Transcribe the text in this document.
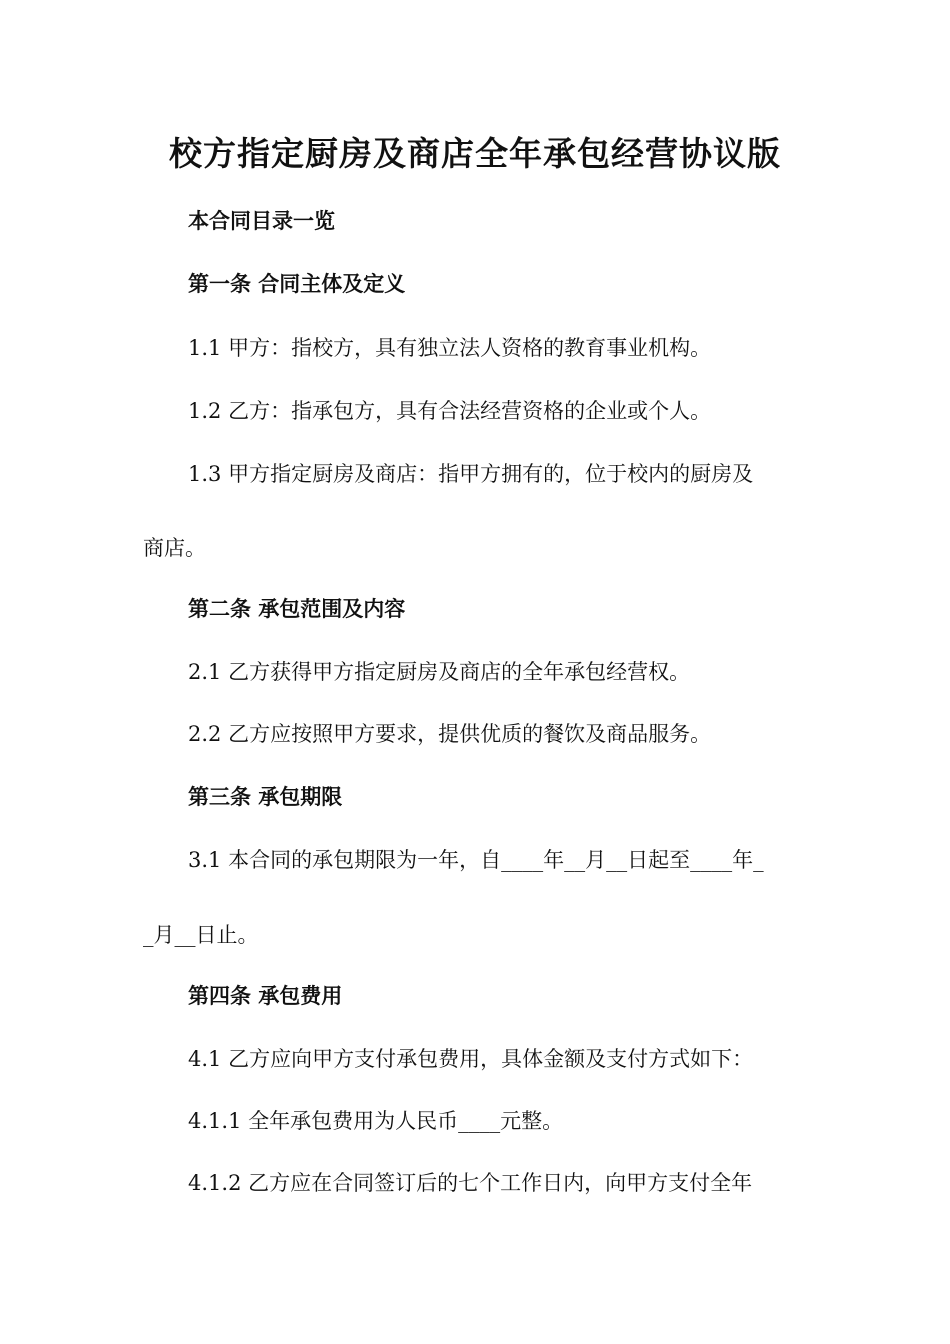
校方指定厨房及商店全年承包经营协议版
本合同目录一览
第一条 合同主体及定义
1.1 甲方：指校方，具有独立法人资格的教育事业机构。
1.2 乙方：指承包方，具有合法经营资格的企业或个人。
1.3 甲方指定厨房及商店：指甲方拥有的，位于校内的厨房及
商店。
第二条 承包范围及内容
2.1 乙方获得甲方指定厨房及商店的全年承包经营权。
2.2 乙方应按照甲方要求，提供优质的餐饮及商品服务。
第三条 承包期限
3.1 本合同的承包期限为一年，自____年__月__日起至____年_
_月__日止。
第四条 承包费用
4.1 乙方应向甲方支付承包费用，具体金额及支付方式如下：
4.1.1 全年承包费用为人民币____元整。
4.1.2 乙方应在合同签订后的七个工作日内，向甲方支付全年
